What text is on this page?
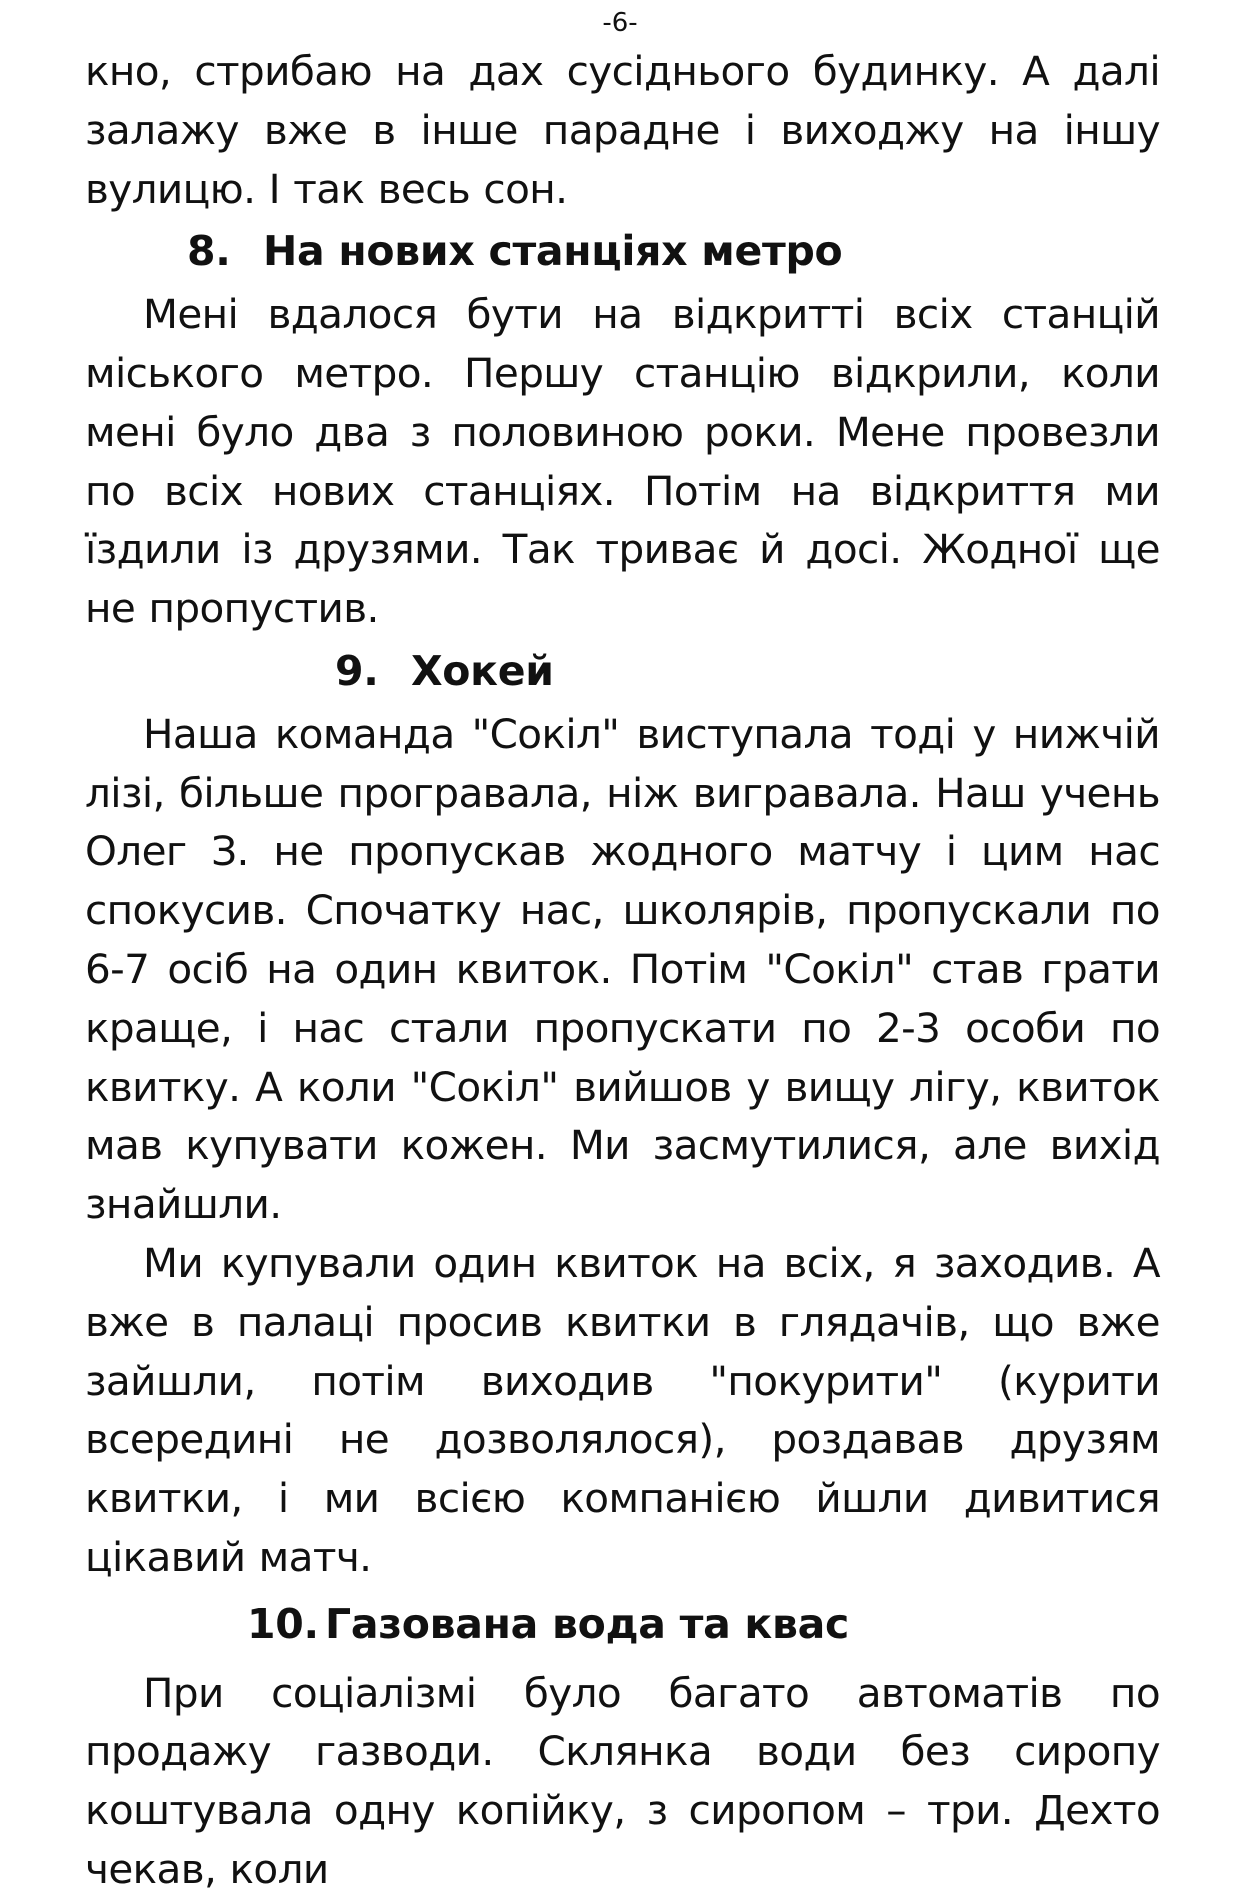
-6-

кно, стрибаю на дах сусіднього будинку. А далі залажу вже в інше парадне і виходжу на іншу вулицю. І так весь сон.

8. На нових станціях метро

Мені вдалося бути на відкритті всіх станцій міського метро. Першу станцію відкрили, коли мені було два з половиною роки. Мене провезли по всіх нових станціях. Потім на відкриття ми їздили із друзями. Так триває й досі. Жодної ще не пропустив.

9. Хокей

Наша команда "Сокіл" виступала тоді у нижчій лізі, більше програвала, ніж вигравала. Наш учень Олег З. не пропускав жодного матчу і цим нас спокусив. Спочатку нас, школярів, пропускали по 6-7 осіб на один квиток. Потім "Сокіл" став грати краще, і нас стали пропускати по 2-3 особи по квитку. А коли "Сокіл" вийшов у вищу лігу, квиток мав купувати кожен. Ми засмутилися, але вихід знайшли.

Ми купували один квиток на всіх, я заходив. А вже в палаці просив квитки в глядачів, що вже зайшли, потім виходив "покурити" (курити всередині не дозволялося), роздавав друзям квитки, і ми всією компанією йшли дивитися цікавий матч.

10. Газована вода та квас

При соціалізмі було багато автоматів по продажу газводи. Склянка води без сиропу коштувала одну копійку, з сиропом – три. Дехто чекав, коли
